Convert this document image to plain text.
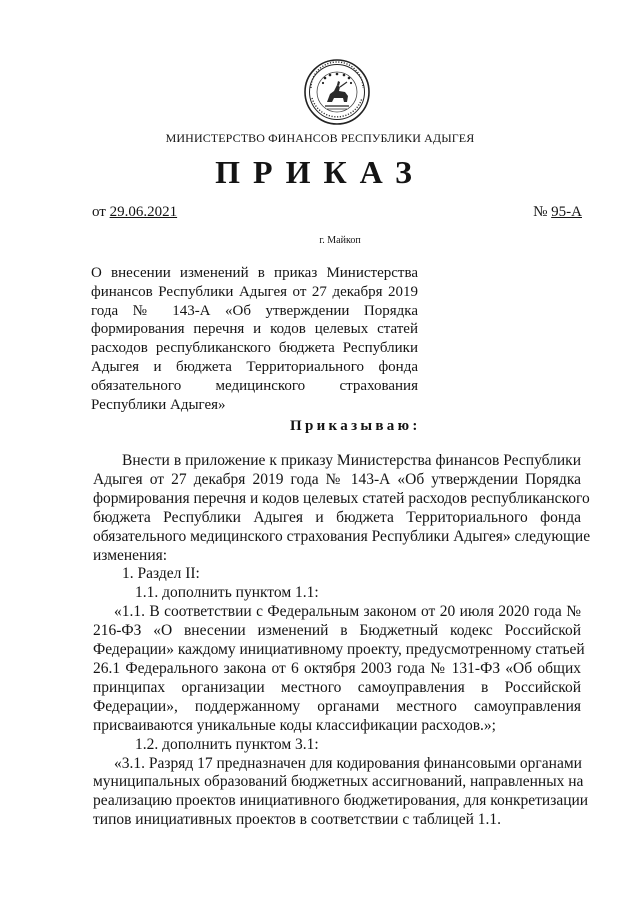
МИНИСТЕРСТВО ФИНАНСОВ РЕСПУБЛИКИ АДЫГЕЯ
ПРИКАЗ
от 29.06.2021	№ 95-А
г. Майкоп
О внесении изменений в приказ Министерства
финансов Республики Адыгея от 27 декабря 2019
года № 143-А «Об утверждении Порядка
формирования перечня и кодов целевых статей
расходов республиканского бюджета Республики
Адыгея и бюджета Территориального фонда
обязательного медицинского страхования
Республики Адыгея»
Приказываю:
Внести в приложение к приказу Министерства финансов Республики
Адыгея от 27 декабря 2019 года № 143-А «Об утверждении Порядка
формирования перечня и кодов целевых статей расходов республиканского
бюджета Республики Адыгея и бюджета Территориального фонда
обязательного медицинского страхования Республики Адыгея» следующие
изменения:
1. Раздел II:
1.1. дополнить пунктом 1.1:
«1.1. В соответствии с Федеральным законом от 20 июля 2020 года №
216-ФЗ «О внесении изменений в Бюджетный кодекс Российской
Федерации» каждому инициативному проекту, предусмотренному статьей
26.1 Федерального закона от 6 октября 2003 года № 131-ФЗ «Об общих
принципах организации местного самоуправления в Российской
Федерации», поддержанному органами местного самоуправления
присваиваются уникальные коды классификации расходов.»;
1.2. дополнить пунктом 3.1:
«3.1. Разряд 17 предназначен для кодирования финансовыми органами
муниципальных образований бюджетных ассигнований, направленных на
реализацию проектов инициативного бюджетирования, для конкретизации
типов инициативных проектов в соответствии с таблицей 1.1.
